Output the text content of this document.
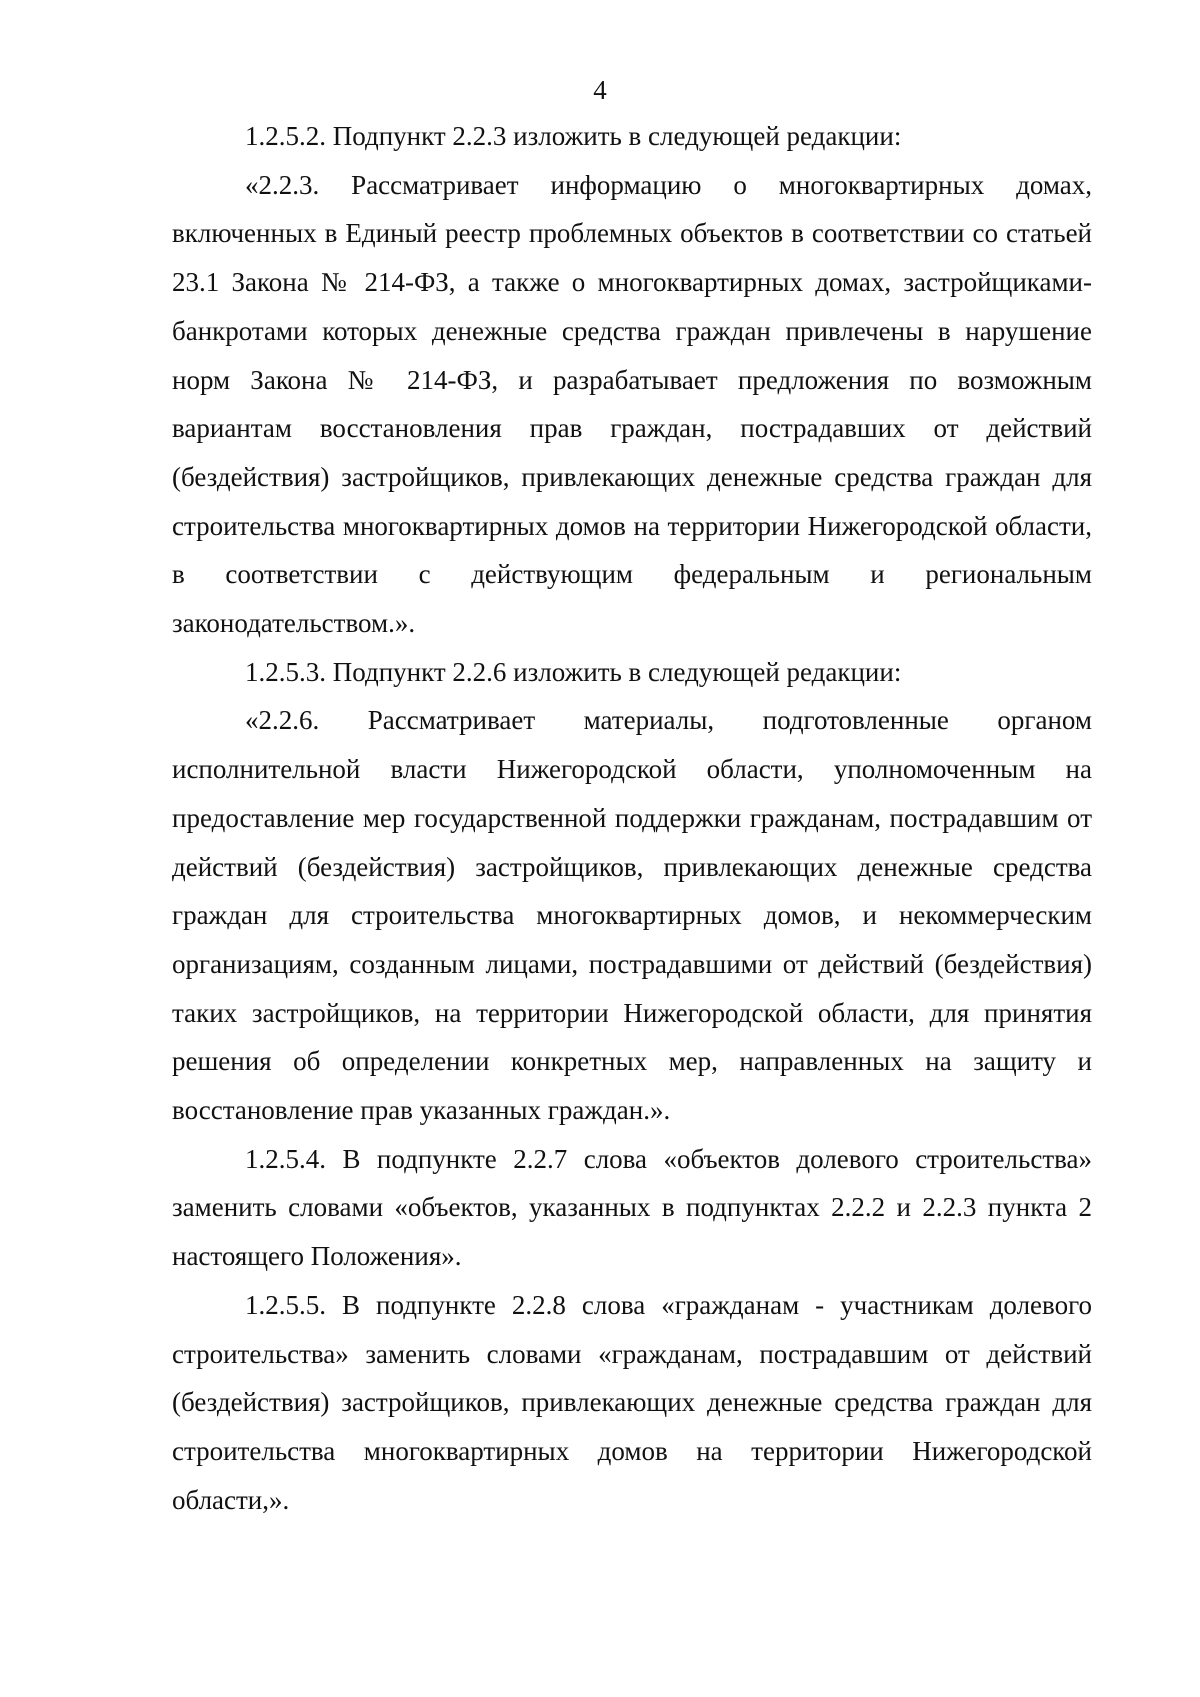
4

1.2.5.2. Подпункт 2.2.3 изложить в следующей редакции:

«2.2.3. Рассматривает информацию о многоквартирных домах, включенных в Единый реестр проблемных объектов в соответствии со статьей 23.1 Закона № 214-ФЗ, а также о многоквартирных домах, застройщиками-банкротами которых денежные средства граждан привлечены в нарушение норм Закона № 214-ФЗ, и разрабатывает предложения по возможным вариантам восстановления прав граждан, пострадавших от действий (бездействия) застройщиков, привлекающих денежные средства граждан для строительства многоквартирных домов на территории Нижегородской области, в соответствии с действующим федеральным и региональным законодательством.».

1.2.5.3. Подпункт 2.2.6 изложить в следующей редакции:

«2.2.6. Рассматривает материалы, подготовленные органом исполнительной власти Нижегородской области, уполномоченным на предоставление мер государственной поддержки гражданам, пострадавшим от действий (бездействия) застройщиков, привлекающих денежные средства граждан для строительства многоквартирных домов, и некоммерческим организациям, созданным лицами, пострадавшими от действий (бездействия) таких застройщиков, на территории Нижегородской области, для принятия решения об определении конкретных мер, направленных на защиту и восстановление прав указанных граждан.».

1.2.5.4. В подпункте 2.2.7 слова «объектов долевого строительства» заменить словами «объектов, указанных в подпунктах 2.2.2 и 2.2.3 пункта 2 настоящего Положения».

1.2.5.5. В подпункте 2.2.8 слова «гражданам - участникам долевого строительства» заменить словами «гражданам, пострадавшим от действий (бездействия) застройщиков, привлекающих денежные средства граждан для строительства многоквартирных домов на территории Нижегородской области,».
